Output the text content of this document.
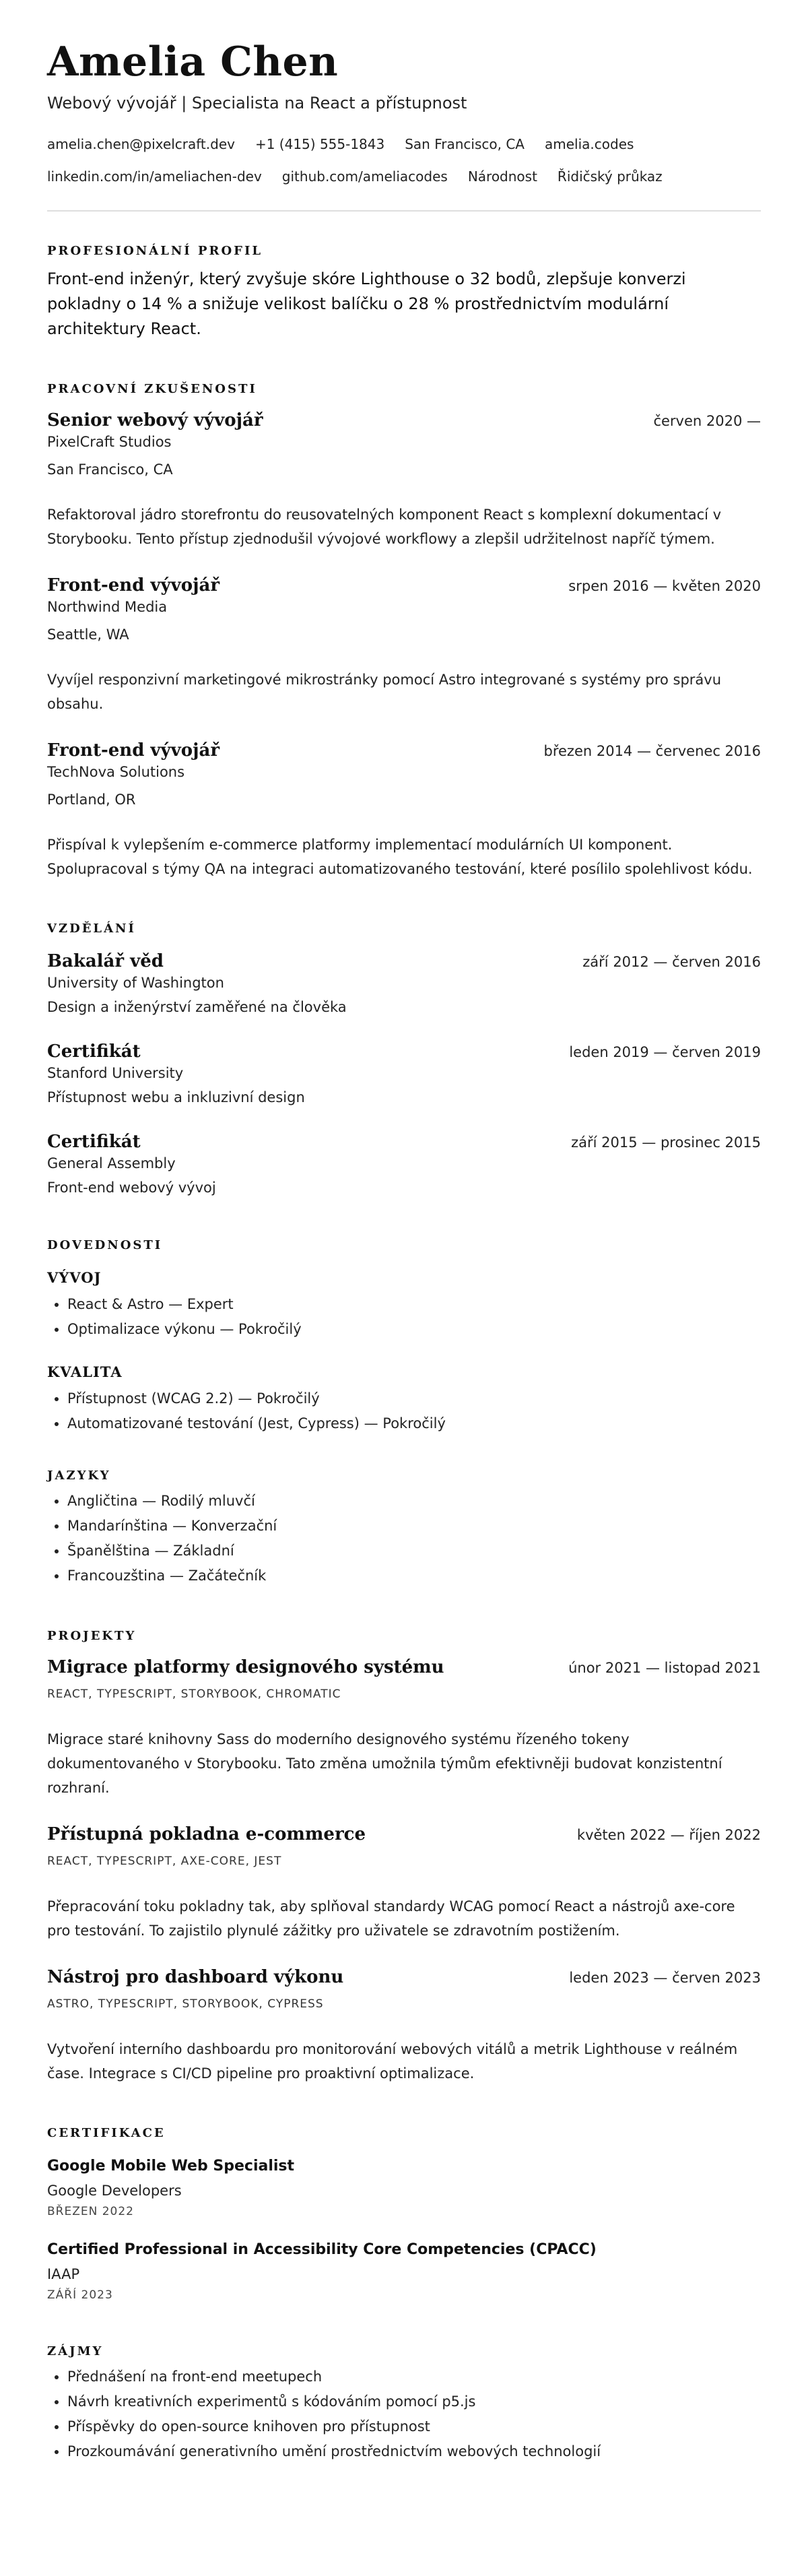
Amelia Chen
Webový vývojář | Specialista na React a přístupnost
amelia.chen@pixelcraft.dev +1 (415) 555-1843 San Francisco, CA amelia.codes
linkedin.com/in/ameliachen-dev github.com/ameliacodes Národnost Řidičský průkaz
PROFESIONÁLNÍ PROFIL

Front-end inženýr, který zvyšuje skóre Lighthouse o 32 bodů, zlepšuje konverzi pokladny o 14 % a snižuje velikost balíčku o 28 % prostřednictvím modulární architektury React.

PRACOVNÍ ZKUŠENOSTI
Senior webový vývojář	červen 2020 —
PixelCraft Studios
San Francisco, CA
Refaktoroval jádro storefrontu do reusovatelných komponent React s komplexní dokumentací v Storybooku. Tento přístup zjednodušil vývojové workflowy a zlepšil udržitelnost napříč týmem.
Front-end vývojář	srpen 2016 — květen 2020
Northwind Media
Seattle, WA
Vyvíjel responzivní marketingové mikrostránky pomocí Astro integrované s systémy pro správu obsahu.
Front-end vývojář	březen 2014 — červenec 2016
TechNova Solutions
Portland, OR
Přispíval k vylepšením e-commerce platformy implementací modulárních UI komponent. Spolupracoval s týmy QA na integraci automatizovaného testování, které posílilo spolehlivost kódu.
VZDĚLÁNÍ
Bakalář věd	září 2012 — červen 2016
University of Washington
Design a inženýrství zaměřené na člověka
Certifikát	leden 2019 — červen 2019
Stanford University
Přístupnost webu a inkluzivní design
Certifikát	září 2015 — prosinec 2015
General Assembly
Front-end webový vývoj
DOVEDNOSTI
VÝVOJ
• React & Astro — Expert
• Optimalizace výkonu — Pokročilý
KVALITA
• Přístupnost (WCAG 2.2) — Pokročilý
• Automatizované testování (Jest, Cypress) — Pokročilý
JAZYKY
• Angličtina — Rodilý mluvčí
• Mandarínština — Konverzační
• Španělština — Základní
• Francouzština — Začátečník
PROJEKTY
Migrace platformy designového systému	únor 2021 — listopad 2021
REACT, TYPESCRIPT, STORYBOOK, CHROMATIC
Migrace staré knihovny Sass do moderního designového systému řízeného tokeny dokumentovaného v Storybooku. Tato změna umožnila týmům efektivněji budovat konzistentní rozhraní.
Přístupná pokladna e-commerce	květen 2022 — říjen 2022
REACT, TYPESCRIPT, AXE-CORE, JEST
Přepracování toku pokladny tak, aby splňoval standardy WCAG pomocí React a nástrojů axe-core pro testování. To zajistilo plynulé zážitky pro uživatele se zdravotním postižením.
Nástroj pro dashboard výkonu	leden 2023 — červen 2023
ASTRO, TYPESCRIPT, STORYBOOK, CYPRESS
Vytvoření interního dashboardu pro monitorování webových vitálů a metrik Lighthouse v reálném čase. Integrace s CI/CD pipeline pro proaktivní optimalizace.
CERTIFIKACE
Google Mobile Web Specialist
Google Developers
BŘEZEN 2022
Certified Professional in Accessibility Core Competencies (CPACC)
IAAP
ZÁŘÍ 2023
ZÁJMY
• Přednášení na front-end meetupech
• Návrh kreativních experimentů s kódováním pomocí p5.js
• Příspěvky do open-source knihoven pro přístupnost
• Prozkoumávání generativního umění prostřednictvím webových technologií
